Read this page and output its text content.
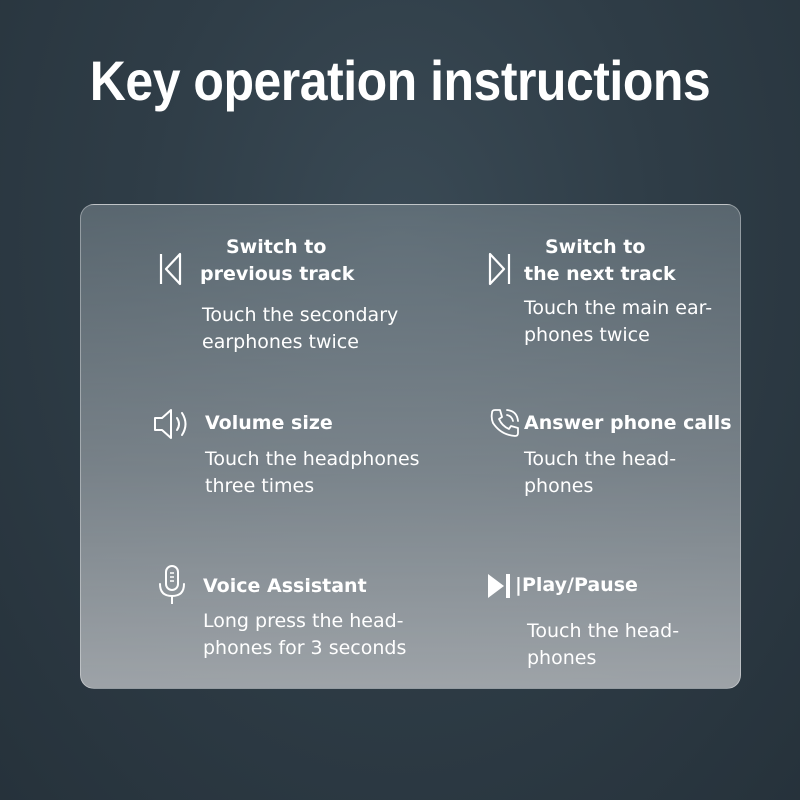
Key operation instructions
Switch to
previous track
Touch the secondary
earphones twice
Switch to
the next track
Touch the main ear-
phones twice
Volume size
Touch the headphones
three times
Answer phone calls
Touch the head-
phones
Voice Assistant
Long press the head-
phones for 3 seconds
|Play/Pause
Touch the head-
phones
